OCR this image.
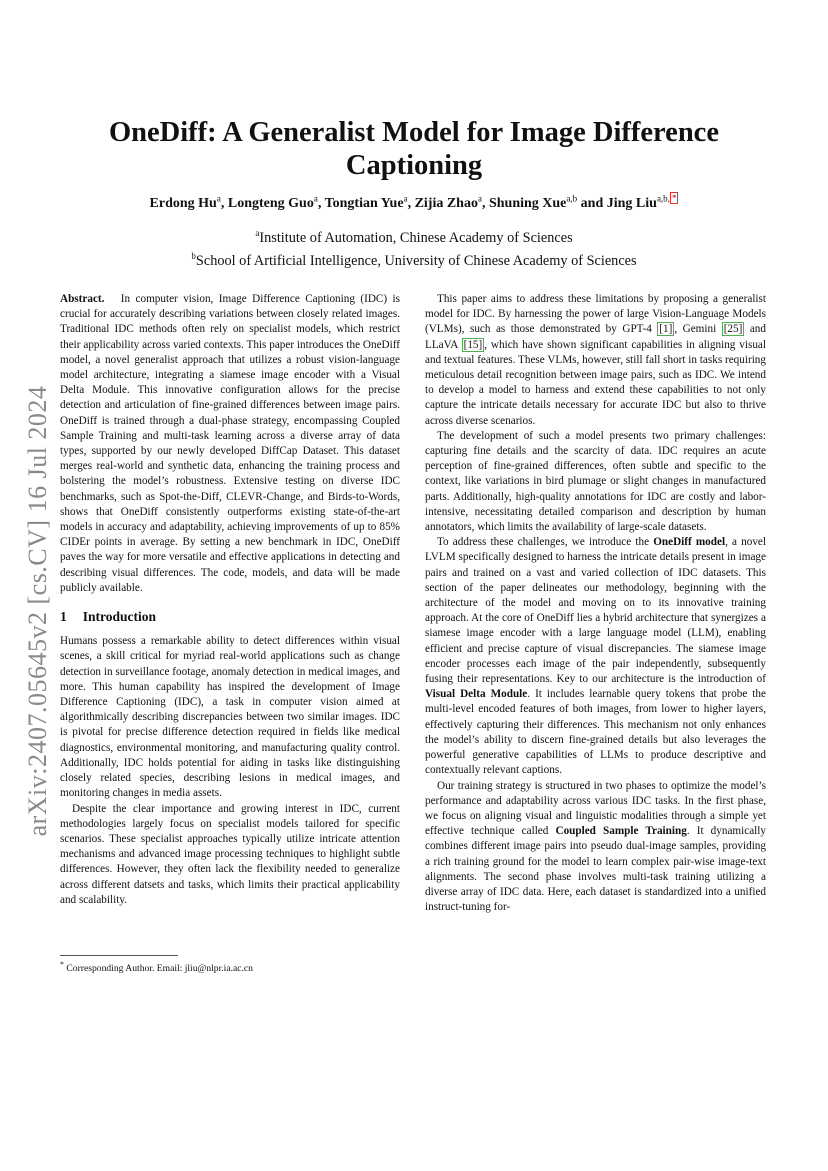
arXiv:2407.05645v2 [cs.CV] 16 Jul 2024
OneDiff: A Generalist Model for Image Difference Captioning
Erdong Hu$^a$, Longteng Guo$^a$, Tongtian Yue$^a$, Zijia Zhao$^a$, Shuning Xue$^{a,b}$ and Jing Liu$^{a,b,}$ *
$^a$Institute of Automation, Chinese Academy of Sciences
$^b$School of Artificial Intelligence, University of Chinese Academy of Sciences

Abstract. In computer vision, Image Difference Captioning (IDC) is crucial for accurately describing variations between closely related images. Traditional IDC methods often rely on specialist models, which restrict their applicability across varied contexts. This paper introduces the OneDiff model, a novel generalist approach that utilizes a robust vision-language model architecture, integrating a siamese image encoder with a Visual Delta Module. This innovative configuration allows for the precise detection and articulation of fine-grained differences between image pairs. OneDiff is trained through a dual-phase strategy, encompassing Coupled Sample Training and multi-task learning across a diverse array of data types, supported by our newly developed DiffCap Dataset. This dataset merges real-world and synthetic data, enhancing the training process and bolstering the model’s robustness. Extensive testing on diverse IDC benchmarks, such as Spot-the-Diff, CLEVR-Change, and Birds-to-Words, shows that OneDiff consistently outperforms existing state-of-the-art models in accuracy and adaptability, achieving improvements of up to 85% CIDEr points in average. By setting a new benchmark in IDC, OneDiff paves the way for more versatile and effective applications in detecting and describing visual differences. The code, models, and data will be made publicly available.

1 Introduction

Humans possess a remarkable ability to detect differences within visual scenes, a skill critical for myriad real-world applications such as change detection in surveillance footage, anomaly detection in medical images, and more. This human capability has inspired the development of Image Difference Captioning (IDC), a task in computer vision aimed at algorithmically describing discrepancies between two similar images. IDC is pivotal for precise difference detection required in fields like medical diagnostics, environmental monitoring, and manufacturing quality control. Additionally, IDC holds potential for aiding in tasks like distinguishing closely related species, describing lesions in medical images, and monitoring changes in media assets.

Despite the clear importance and growing interest in IDC, current methodologies largely focus on specialist models tailored for specific scenarios. These specialist approaches typically utilize intricate attention mechanisms and advanced image processing techniques to highlight subtle differences. However, they often lack the flexibility needed to generalize across different datsets and tasks, which limits their practical applicability and scalability.

* Corresponding Author. Email: jliu@nlpr.ia.ac.cn

This paper aims to address these limitations by proposing a generalist model for IDC. By harnessing the power of large Vision-Language Models (VLMs), such as those demonstrated by GPT-4 [1] , Gemini [25] and LLaVA [15] , which have shown significant capabilities in aligning visual and textual features. These VLMs, however, still fall short in tasks requiring meticulous detail recognition between image pairs, such as IDC. We intend to develop a model to harness and extend these capabilities to not only capture the intricate details necessary for accurate IDC but also to thrive across diverse scenarios.

The development of such a model presents two primary challenges: capturing fine details and the scarcity of data. IDC requires an acute perception of fine-grained differences, often subtle and specific to the context, like variations in bird plumage or slight changes in manufactured parts. Additionally, high-quality annotations for IDC are costly and labor-intensive, necessitating detailed comparison and description by human annotators, which limits the availability of large-scale datasets.

To address these challenges, we introduce the OneDiff model, a novel LVLM specifically designed to harness the intricate details present in image pairs and trained on a vast and varied collection of IDC datasets. This section of the paper delineates our methodology, beginning with the architecture of the model and moving on to its innovative training approach. At the core of OneDiff lies a hybrid architecture that synergizes a siamese image encoder with a large language model (LLM), enabling efficient and precise capture of visual discrepancies. The siamese image encoder processes each image of the pair independently, subsequently fusing their representations. Key to our architecture is the introduction of Visual Delta Module. It includes learnable query tokens that probe the multi-level encoded features of both images, from lower to higher layers, effectively capturing their differences. This mechanism not only enhances the model’s ability to discern fine-grained details but also leverages the powerful generative capabilities of LLMs to produce descriptive and contextually relevant captions.

Our training strategy is structured in two phases to optimize the model’s performance and adaptability across various IDC tasks. In the first phase, we focus on aligning visual and linguistic modalities through a simple yet effective technique called Coupled Sample Training. It dynamically combines different image pairs into pseudo dual-image samples, providing a rich training ground for the model to learn complex pair-wise image-text alignments. The second phase involves multi-task training utilizing a diverse array of IDC data. Here, each dataset is standardized into a unified instruct-tuning for-
